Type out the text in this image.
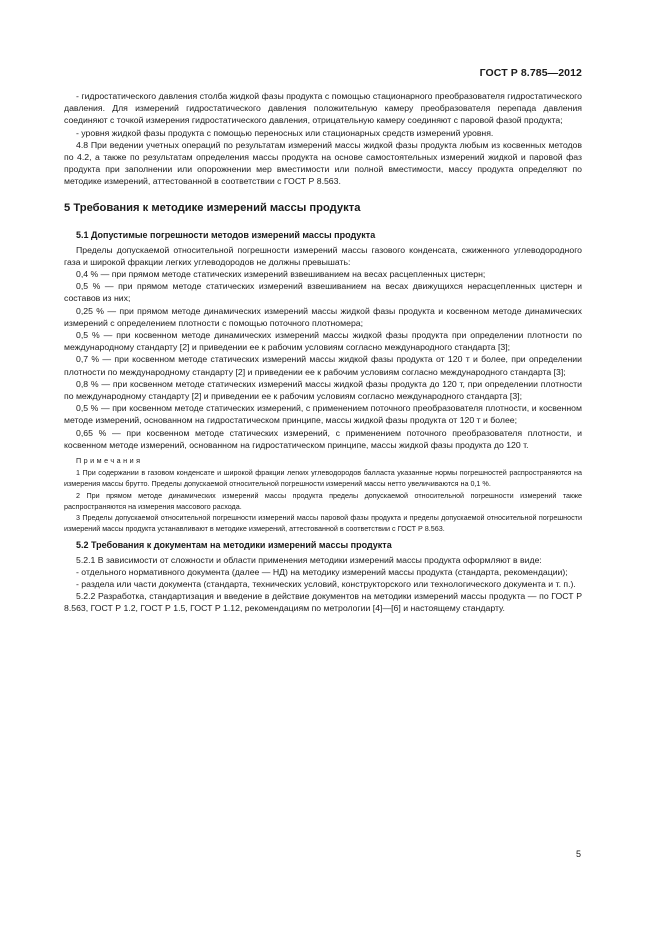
ГОСТ Р 8.785—2012

- гидростатического давления столба жидкой фазы продукта с помощью стационарного преобразователя гидростатического давления. Для измерений гидростатического давления положительную камеру преобразователя перепада давления соединяют с точкой измерения гидростатического давления, отрицательную камеру соединяют с паровой фазой продукта;

- уровня жидкой фазы продукта с помощью переносных или стационарных средств измерений уровня.

4.8 При ведении учетных операций по результатам измерений массы жидкой фазы продукта любым из косвенных методов по 4.2, а также по результатам определения массы продукта на основе самостоятельных измерений жидкой и паровой фаз продукта при заполнении или опорожнении мер вместимости или полной вместимости, массу продукта определяют по методике измерений, аттестованной в соответствии с ГОСТ Р 8.563.

5 Требования к методике измерений массы продукта
5.1 Допустимые погрешности методов измерений массы продукта

Пределы допускаемой относительной погрешности измерений массы газового конденсата, сжиженного углеводородного газа и широкой фракции легких углеводородов не должны превышать:

0,4 % — при прямом методе статических измерений взвешиванием на весах расцепленных цистерн;

0,5 % — при прямом методе статических измерений взвешиванием на весах движущихся нерасцепленных цистерн и составов из них;

0,25 % — при прямом методе динамических измерений массы жидкой фазы продукта и косвенном методе динамических измерений с определением плотности с помощью поточного плотномера;

0,5 % — при косвенном методе динамических измерений массы жидкой фазы продукта при определении плотности по международному стандарту [2] и приведении ее к рабочим условиям согласно международного стандарта [3];

0,7 % — при косвенном методе статических измерений массы жидкой фазы продукта от 120 т и более, при определении плотности по международному стандарту [2] и приведении ее к рабочим условиям согласно международного стандарта [3];

0,8 % — при косвенном методе статических измерений массы жидкой фазы продукта до 120 т, при определении плотности по международному стандарту [2] и приведении ее к рабочим условиям согласно международного стандарта [3];

0,5 % — при косвенном методе статических измерений, с применением поточного преобразователя плотности, и косвенном методе измерений, основанном на гидростатическом принципе, массы жидкой фазы продукта от 120 т и более;

0,65 % — при косвенном методе статических измерений, с применением поточного преобразователя плотности, и косвенном методе измерений, основанном на гидростатическом принципе, массы жидкой фазы продукта до 120 т.

Примечания

1 При содержании в газовом конденсате и широкой фракции легких углеводородов балласта указанные нормы погрешностей распространяются на измерения массы брутто. Пределы допускаемой относительной погрешности измерений массы нетто увеличиваются на 0,1 %.

2 При прямом методе динамических измерений массы продукта пределы допускаемой относительной погрешности измерений также распространяются на измерения массового расхода.

3 Пределы допускаемой относительной погрешности измерений массы паровой фазы продукта и пределы допускаемой относительной погрешности измерений массы продукта устанавливают в методике измерений, аттестованной в соответствии с ГОСТ Р 8.563.

5.2 Требования к документам на методики измерений массы продукта

5.2.1 В зависимости от сложности и области применения методики измерений массы продукта оформляют в виде:

- отдельного нормативного документа (далее — НД) на методику измерений массы продукта (стандарта, рекомендации);

- раздела или части документа (стандарта, технических условий, конструкторского или технологического документа и т. п.).

5.2.2 Разработка, стандартизация и введение в действие документов на методики измерений массы продукта — по ГОСТ Р 8.563, ГОСТ Р 1.2, ГОСТ Р 1.5, ГОСТ Р 1.12, рекомендациям по метрологии [4]—[6] и настоящему стандарту.

5
